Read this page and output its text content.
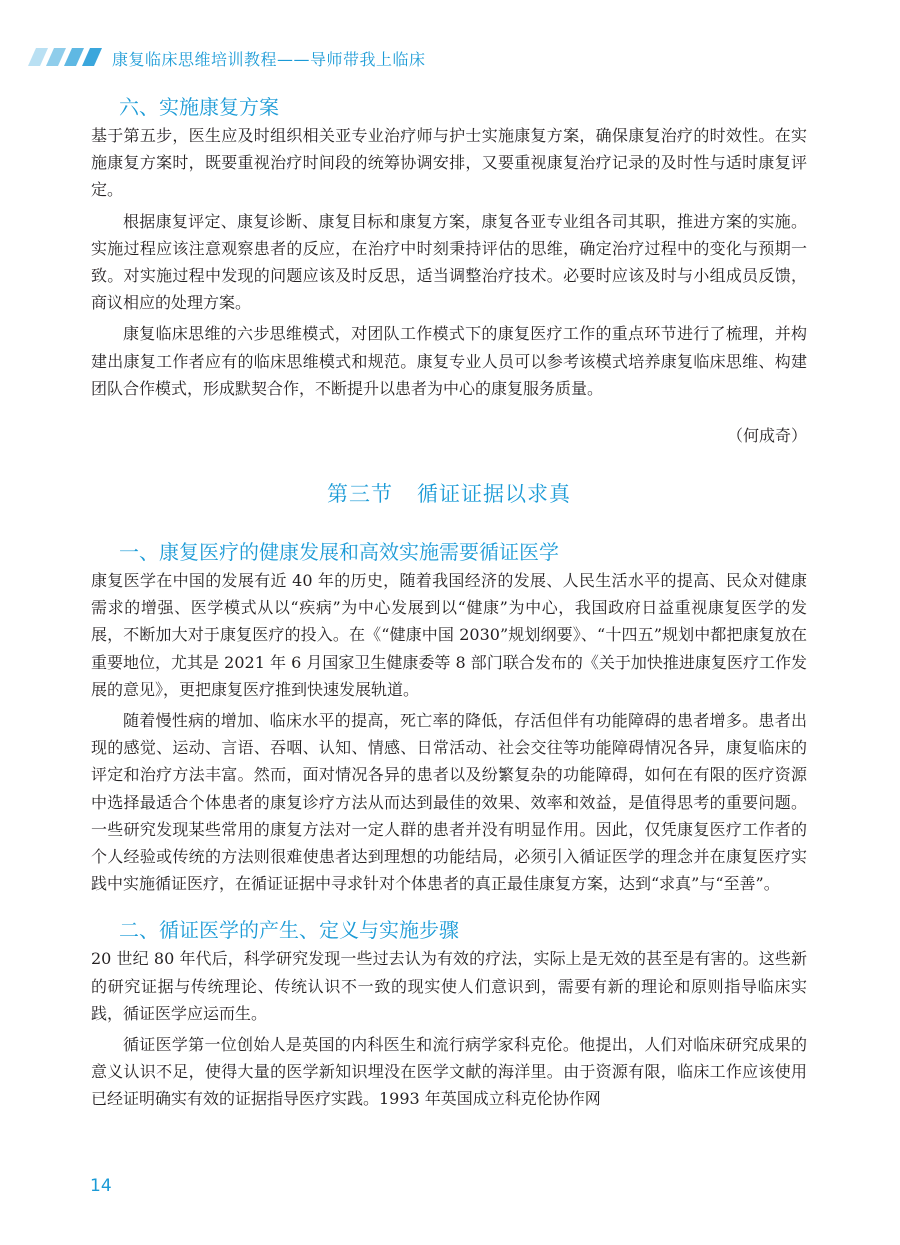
康复临床思维培训教程——导师带我上临床
六、实施康复方案

基于第五步，医生应及时组织相关亚专业治疗师与护士实施康复方案，确保康复治疗的时效性。在实施康复方案时，既要重视治疗时间段的统筹协调安排，又要重视康复治疗记录的及时性与适时康复评定。

根据康复评定、康复诊断、康复目标和康复方案，康复各亚专业组各司其职，推进方案的实施。实施过程应该注意观察患者的反应，在治疗中时刻秉持评估的思维，确定治疗过程中的变化与预期一致。对实施过程中发现的问题应该及时反思，适当调整治疗技术。必要时应该及时与小组成员反馈，商议相应的处理方案。

康复临床思维的六步思维模式，对团队工作模式下的康复医疗工作的重点环节进行了梳理，并构建出康复工作者应有的临床思维模式和规范。康复专业人员可以参考该模式培养康复临床思维、构建团队合作模式，形成默契合作，不断提升以患者为中心的康复服务质量。

（何成奇）

第三节 循证证据以求真
一、康复医疗的健康发展和高效实施需要循证医学

康复医学在中国的发展有近 40 年的历史，随着我国经济的发展、人民生活水平的提高、民众对健康需求的增强、医学模式从以“疾病”为中心发展到以“健康”为中心，我国政府日益重视康复医学的发展，不断加大对于康复医疗的投入。在《“健康中国 2030”规划纲要》、“十四五”规划中都把康复放在重要地位，尤其是 2021 年 6 月国家卫生健康委等 8 部门联合发布的《关于加快推进康复医疗工作发展的意见》，更把康复医疗推到快速发展轨道。

随着慢性病的增加、临床水平的提高，死亡率的降低，存活但伴有功能障碍的患者增多。患者出现的感觉、运动、言语、吞咽、认知、情感、日常活动、社会交往等功能障碍情况各异，康复临床的评定和治疗方法丰富。然而，面对情况各异的患者以及纷繁复杂的功能障碍，如何在有限的医疗资源中选择最适合个体患者的康复诊疗方法从而达到最佳的效果、效率和效益，是值得思考的重要问题。一些研究发现某些常用的康复方法对一定人群的患者并没有明显作用。因此，仅凭康复医疗工作者的个人经验或传统的方法则很难使患者达到理想的功能结局，必须引入循证医学的理念并在康复医疗实践中实施循证医疗，在循证证据中寻求针对个体患者的真正最佳康复方案，达到“求真”与“至善”。

二、循证医学的产生、定义与实施步骤

20 世纪 80 年代后，科学研究发现一些过去认为有效的疗法，实际上是无效的甚至是有害的。这些新的研究证据与传统理论、传统认识不一致的现实使人们意识到，需要有新的理论和原则指导临床实践，循证医学应运而生。

循证医学第一位创始人是英国的内科医生和流行病学家科克伦。他提出，人们对临床研究成果的意义认识不足，使得大量的医学新知识埋没在医学文献的海洋里。由于资源有限，临床工作应该使用已经证明确实有效的证据指导医疗实践。1993 年英国成立科克伦协作网

14
